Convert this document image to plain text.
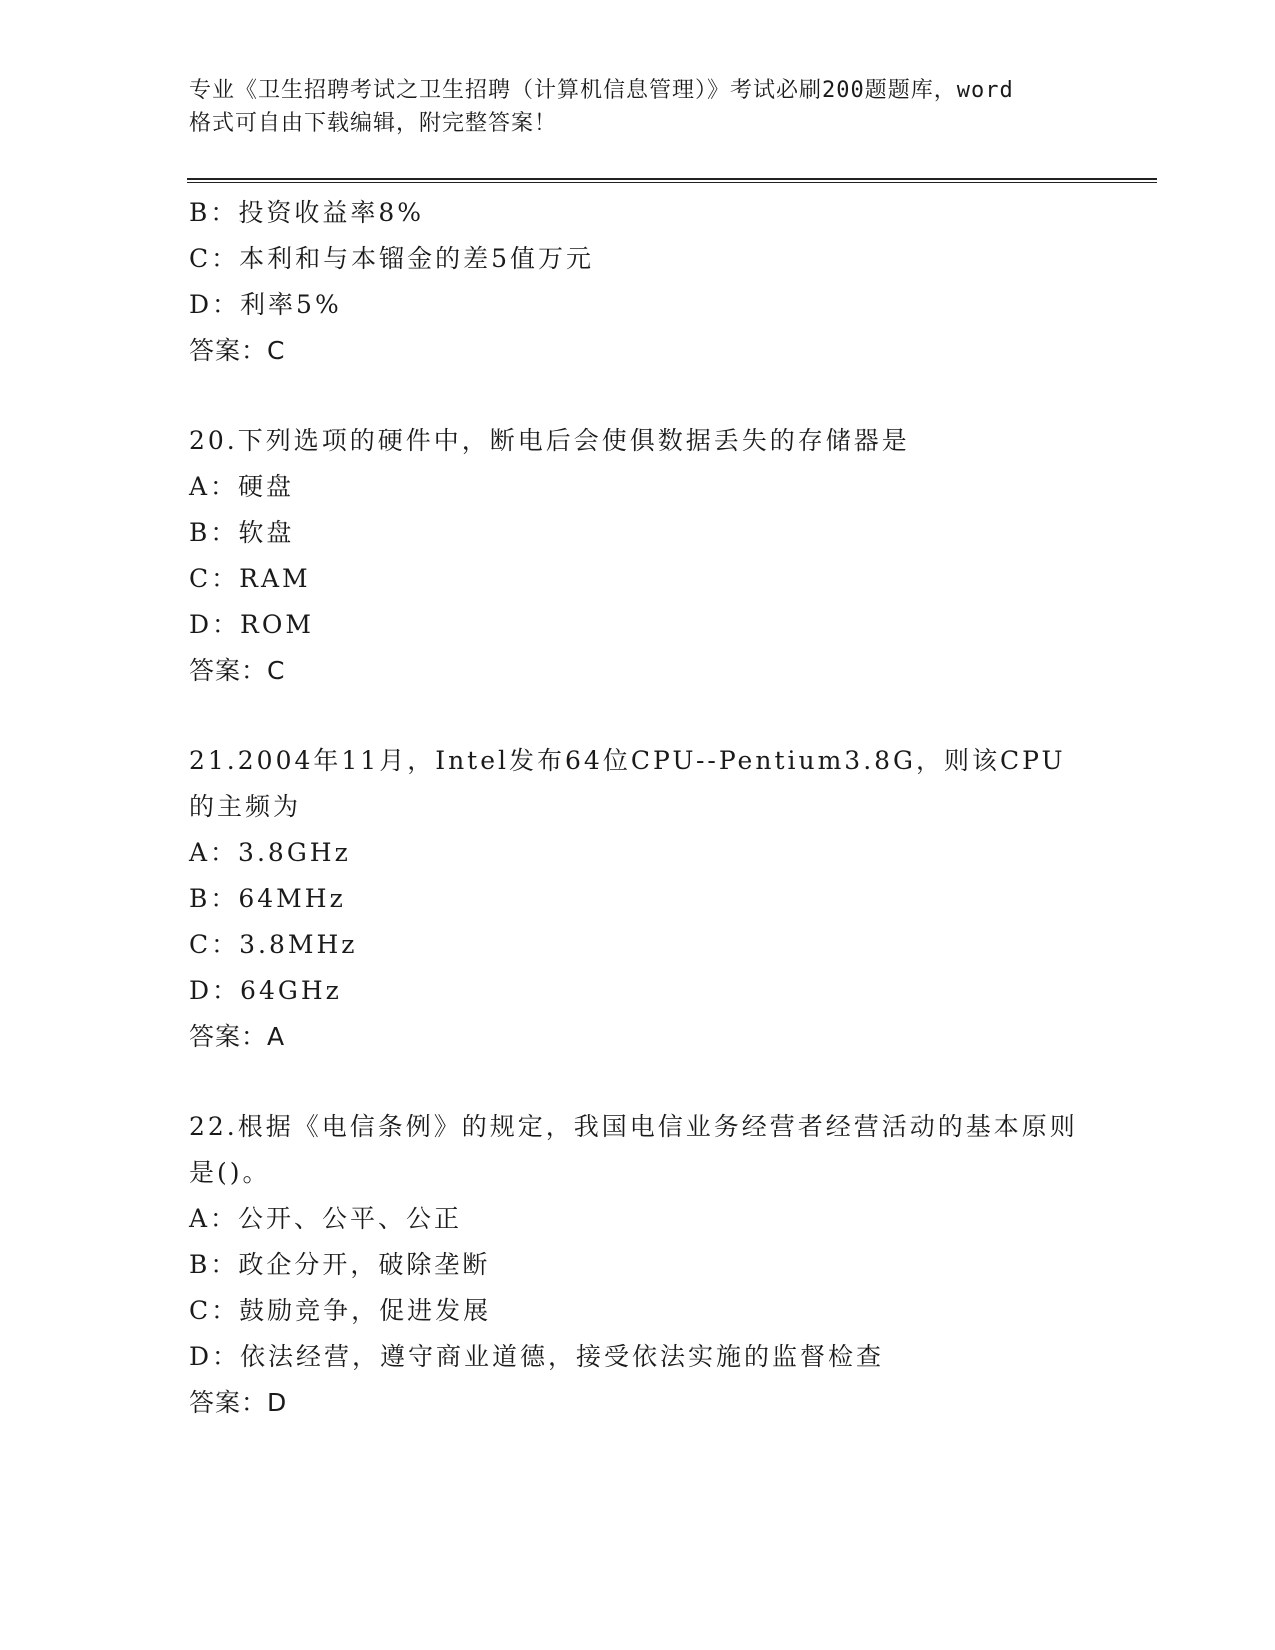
专业《卫生招聘考试之卫生招聘（计算机信息管理）》考试必刷200题题库，word
格式可自由下载编辑，附完整答案！
B：投资收益率8%
C：本利和与本镏金的差5值万元
D：利率5%
答案：C
20.下列选项的硬件中，断电后会使俱数据丢失的存储器是
A：硬盘
B：软盘
C：RAM
D：ROM
答案：C
21.2004年11月，Intel发布64位CPU--Pentium3.8G，则该CPU的主频为
A：3.8GHz
B：64MHz
C：3.8MHz
D：64GHz
答案：A
22.根据《电信条例》的规定，我国电信业务经营者经营活动的基本原则是()。
A：公开、公平、公正
B：政企分开，破除垄断
C：鼓励竞争，促进发展
D：依法经营，遵守商业道德，接受依法实施的监督检查
答案：D
